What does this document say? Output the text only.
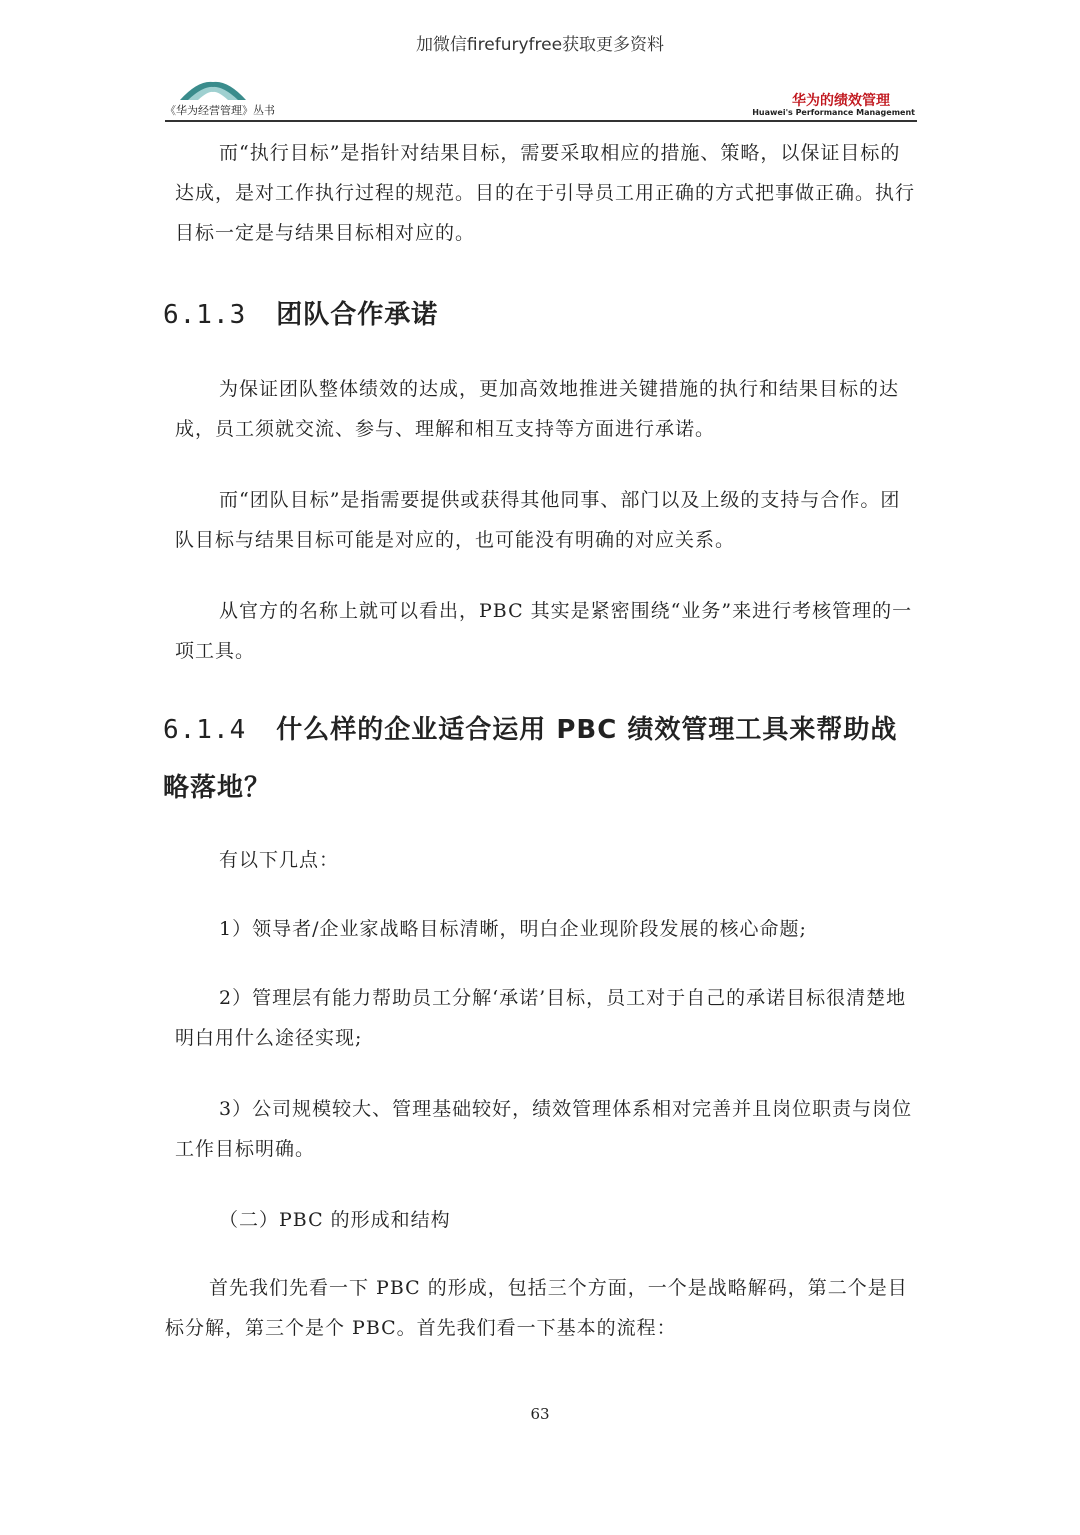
加微信firefuryfree获取更多资料
《华为经营管理》丛书
华为的绩效管理
Huawei's Performance Management

而“执行目标”是指针对结果目标，需要采取相应的措施、策略，以保证目标的达成，是对工作执行过程的规范。目的在于引导员工用正确的方式把事做正确。执行目标一定是与结果目标相对应的。

6.1.3 团队合作承诺

为保证团队整体绩效的达成，更加高效地推进关键措施的执行和结果目标的达成，员工须就交流、参与、理解和相互支持等方面进行承诺。

而“团队目标”是指需要提供或获得其他同事、部门以及上级的支持与合作。团队目标与结果目标可能是对应的，也可能没有明确的对应关系。

从官方的名称上就可以看出，PBC 其实是紧密围绕“业务”来进行考核管理的一项工具。

6.1.4 什么样的企业适合运用 PBC 绩效管理工具来帮助战略落地？

有以下几点：

1）领导者/企业家战略目标清晰，明白企业现阶段发展的核心命题;

2）管理层有能力帮助员工分解‘承诺’目标，员工对于自己的承诺目标很清楚地明白用什么途径实现;

3）公司规模较大、管理基础较好，绩效管理体系相对完善并且岗位职责与岗位工作目标明确。

（二）PBC 的形成和结构

首先我们先看一下 PBC 的形成，包括三个方面，一个是战略解码，第二个是目标分解，第三个是个 PBC。首先我们看一下基本的流程：

63
